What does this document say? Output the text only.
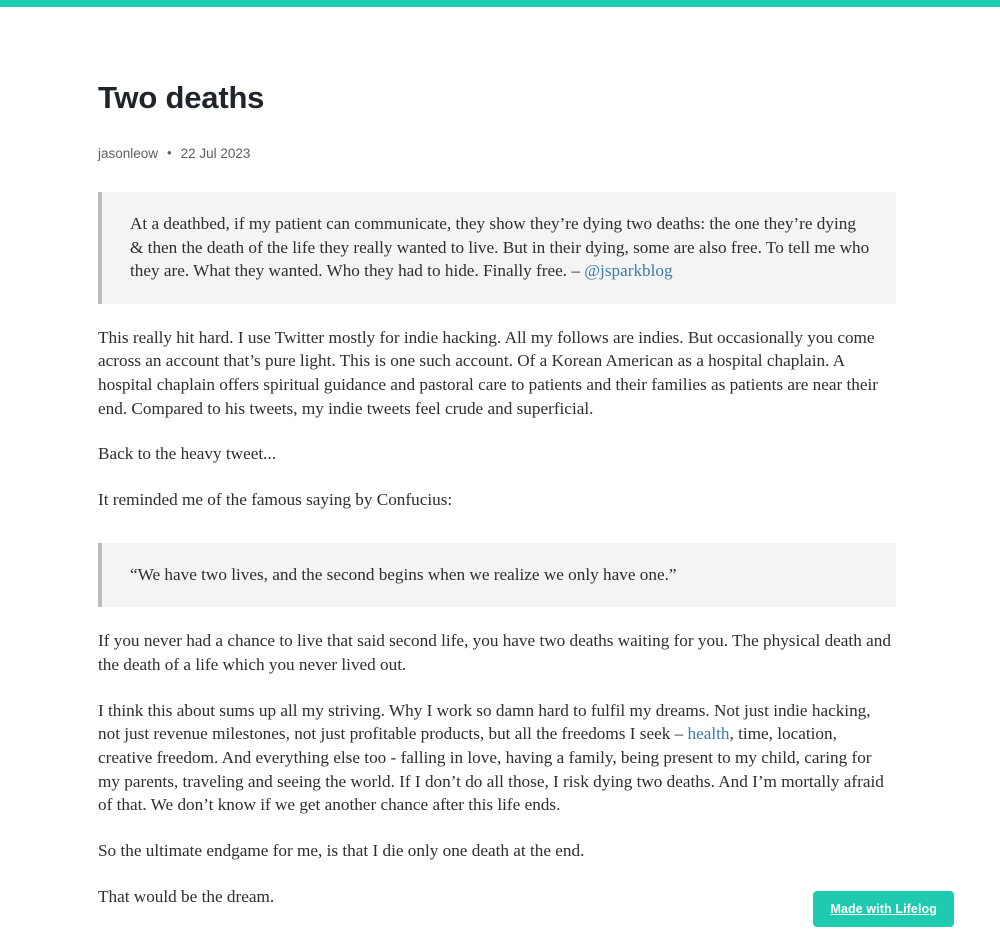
Two deaths
jasonleow • 22 Jul 2023

At a deathbed, if my patient can communicate, they show they’re dying two deaths: the one they’re dying & then the death of the life they really wanted to live. But in their dying, some are also free. To tell me who they are. What they wanted. Who they had to hide. Finally free. – @jsparkblog

This really hit hard. I use Twitter mostly for indie hacking. All my follows are indies. But occasionally you come across an account that’s pure light. This is one such account. Of a Korean American as a hospital chaplain. A hospital chaplain offers spiritual guidance and pastoral care to patients and their families as patients are near their end. Compared to his tweets, my indie tweets feel crude and superficial.

Back to the heavy tweet...

It reminded me of the famous saying by Confucius:

“We have two lives, and the second begins when we realize we only have one.”

If you never had a chance to live that said second life, you have two deaths waiting for you. The physical death and the death of a life which you never lived out.

I think this about sums up all my striving. Why I work so damn hard to fulfil my dreams. Not just indie hacking, not just revenue milestones, not just profitable products, but all the freedoms I seek – health, time, location, creative freedom. And everything else too - falling in love, having a family, being present to my child, caring for my parents, traveling and seeing the world. If I don’t do all those, I risk dying two deaths. And I’m mortally afraid of that. We don’t know if we get another chance after this life ends.

So the ultimate endgame for me, is that I die only one death at the end.

That would be the dream.

Made with Lifelog
